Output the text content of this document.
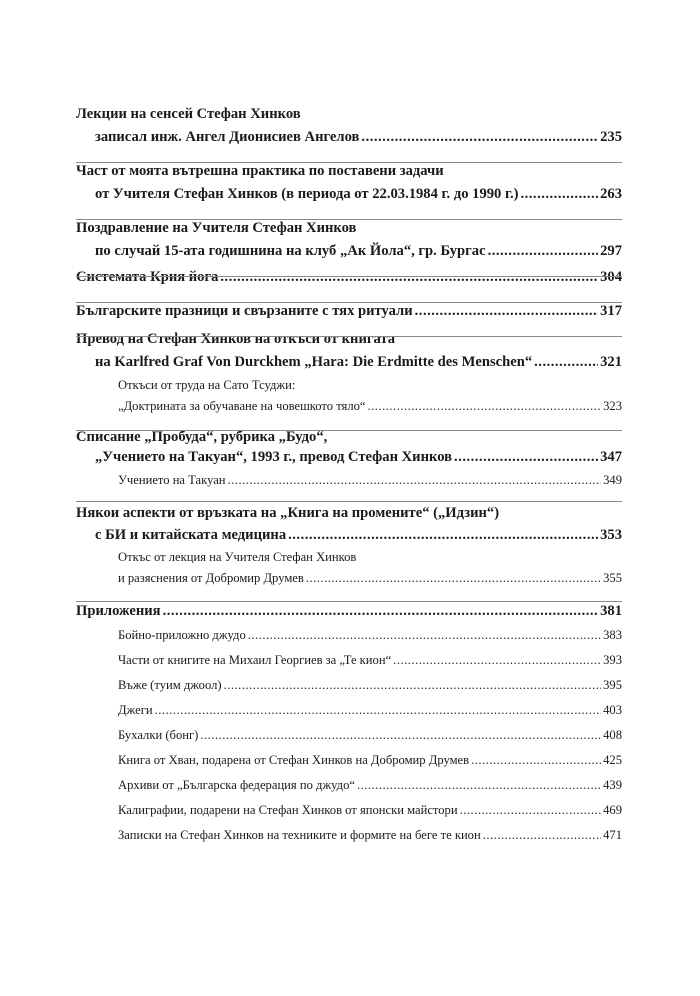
Лекции на сенсей Стефан Хинков
записал инж. Ангел Дионисиев Ангелов .....	235
Част от моята вътрешна практика по поставени задачи
от Учителя Стефан Хинков (в периода от 22.03.1984 г. до 1990 г.) .....	263
Поздравление на Учителя Стефан Хинков
по случай 15-ата годишнина на клуб „Ак Йола“, гр. Бургас .....	297
Системата Крия йога .....	304
Българските празници и свързаните с тях ритуали .....	317
Превод на Стефан Хинков на откъси от книгата
на Karlfred Graf Von Durckhem „Hara: Die Erdmitte des Menschen“ .....	321
Откъси от труда на Сато Тсуджи:
„Доктрината за обучаване на човешкото тяло“ .....	323
Списание „Пробуда“, рубрика „Будо“,
„Учението на Такуан“, 1993 г., превод Стефан Хинков .....	347
Учението на Такуан .....	349
Някои аспекти от връзката на „Книга на промените“ („Идзин“)
с БИ и китайската медицина .....	353
Откъс от лекция на Учителя Стефан Хинков
и разяснения от Добромир Друмев .....	355
Приложения .....	381
Бойно-приложно джудо .....	383
Части от книгите на Михаил Георгиев за „Те кион“ .....	393
Въже (туим джоол) .....	395
Джеги .....	403
Бухалки (бонг) .....	408
Книга от Хван, подарена от Стефан Хинков на Добромир Друмев .....	425
Архиви от „Българска федерация по джудо“ .....	439
Калиграфии, подарени на Стефан Хинков от японски майстори .....	469
Записки на Стефан Хинков на техниките и формите на беге те кион .....	471
